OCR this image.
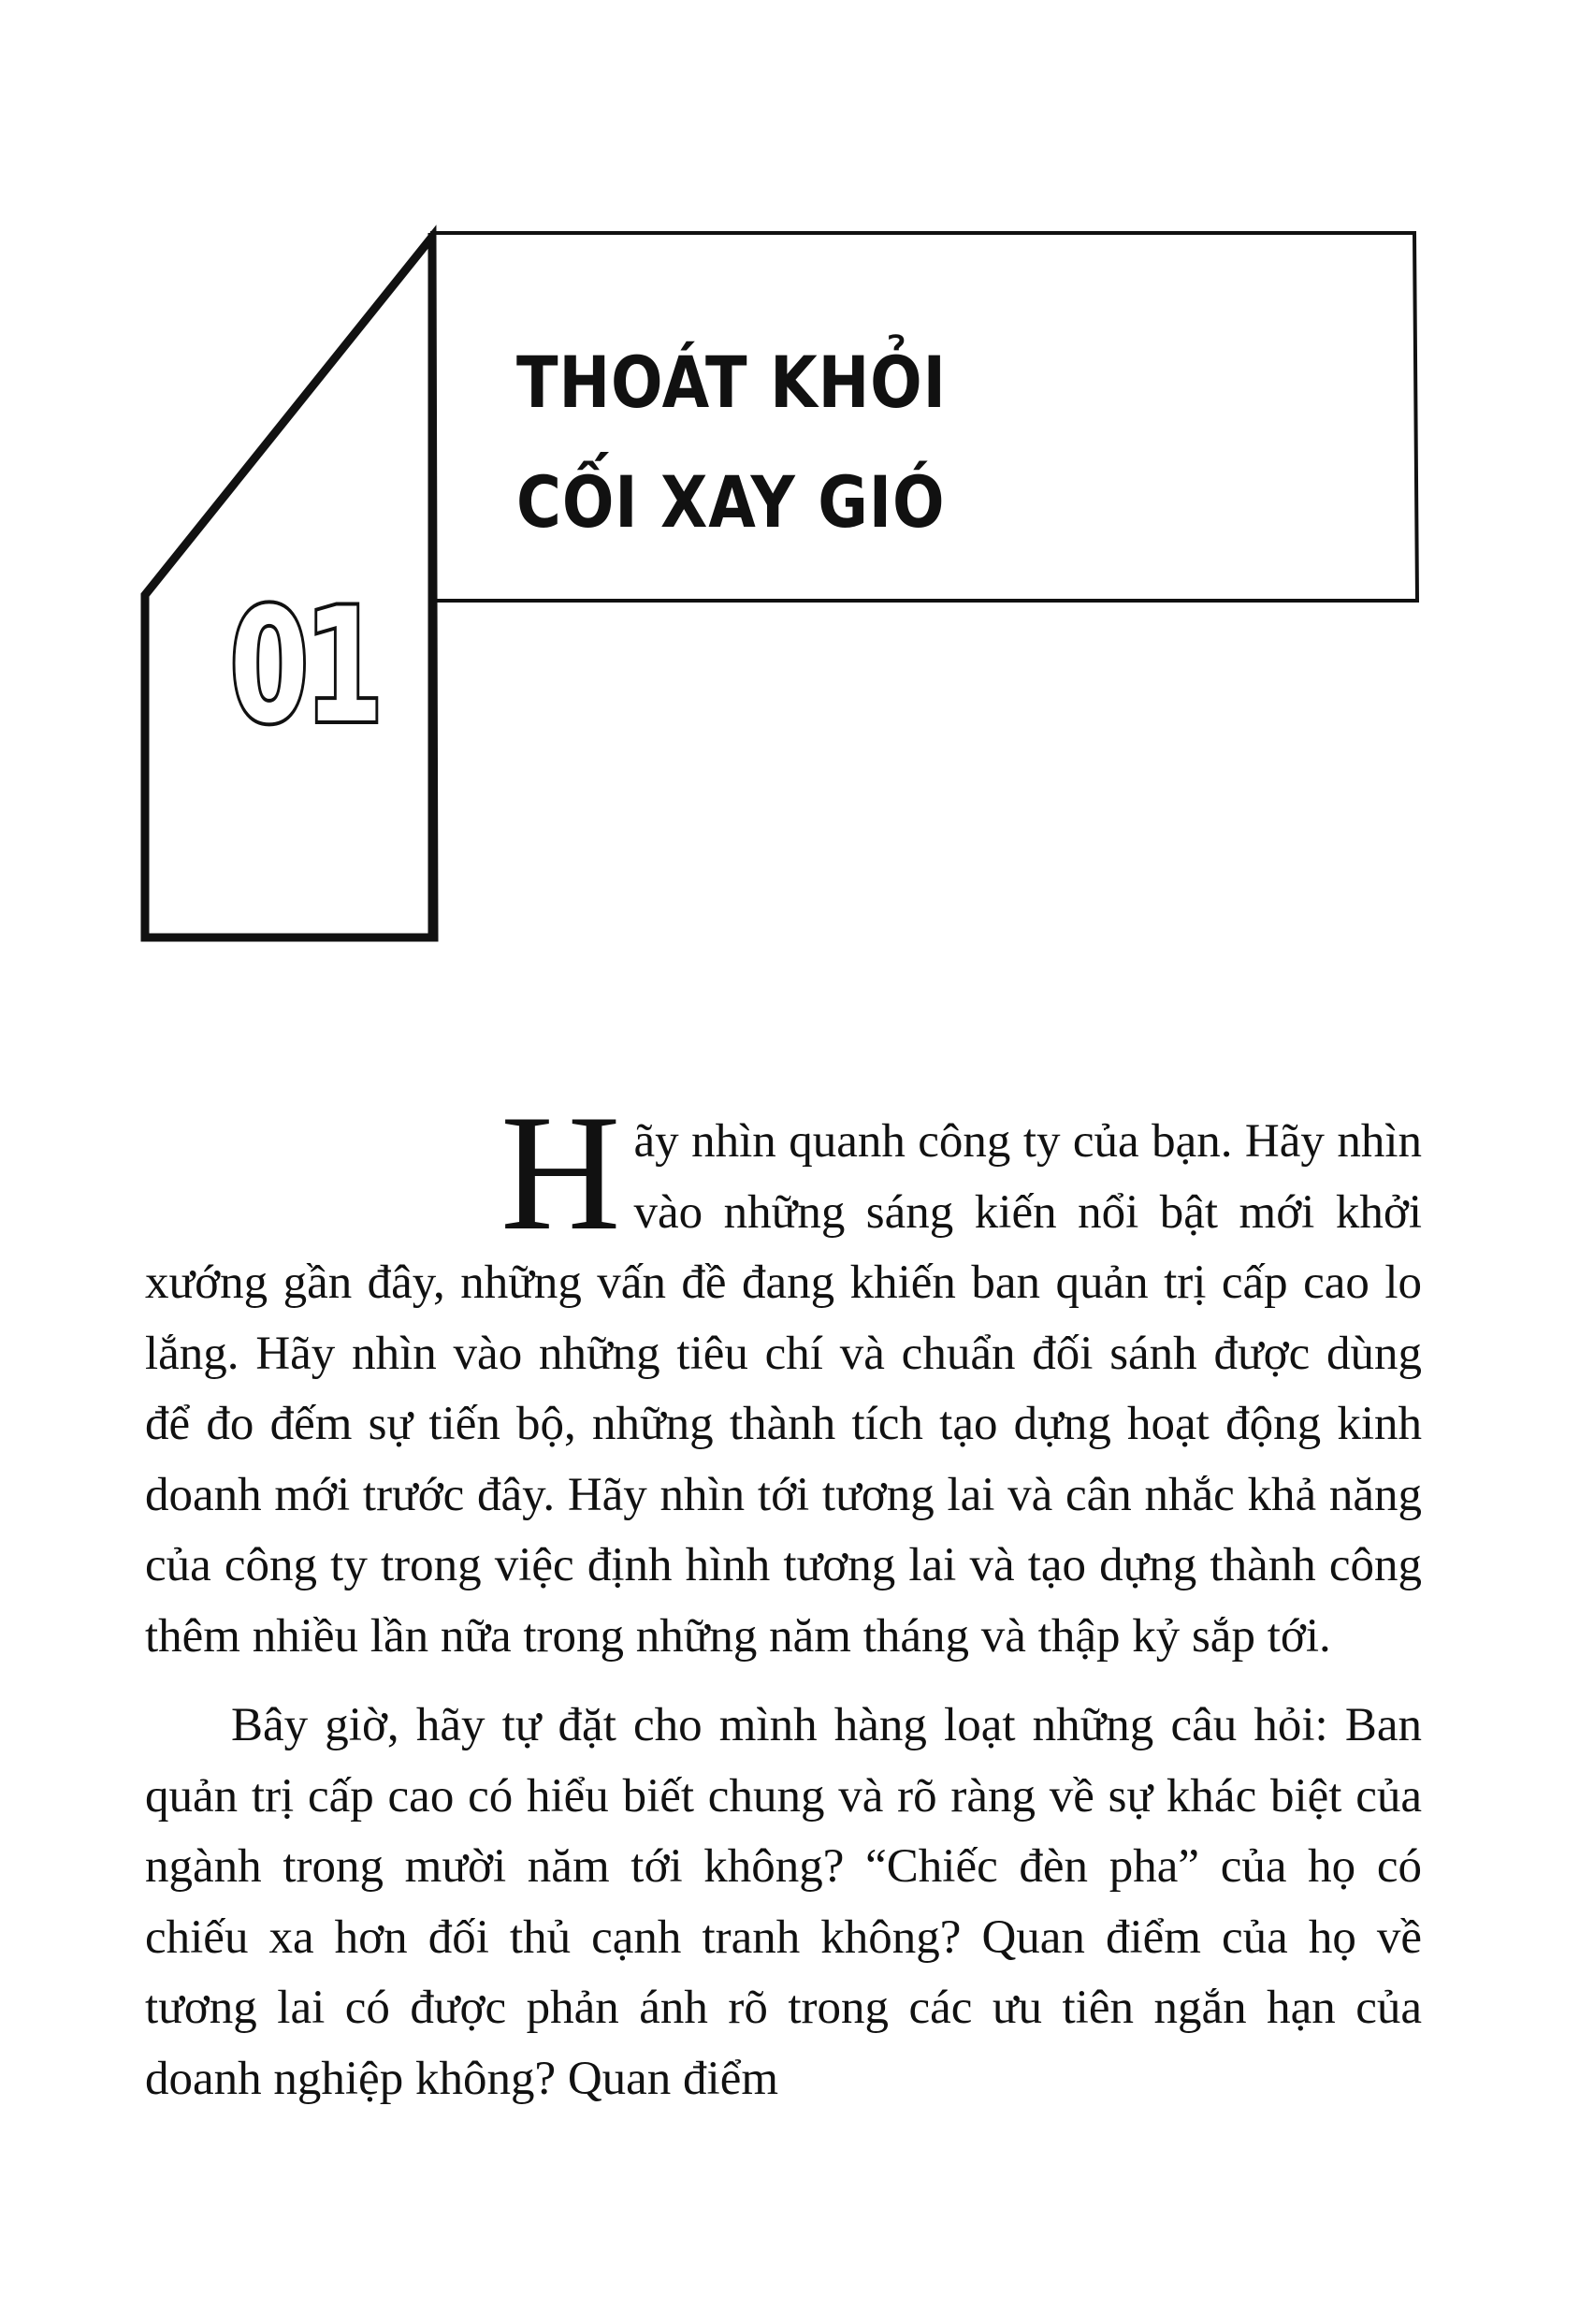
THOÁT KHỎI
CỐI XAY GIÓ
01

H ãy nhìn quanh công ty của bạn. Hãy nhìn vào những sáng kiến nổi bật mới khởi xướng gần đây, những vấn đề đang khiến ban quản trị cấp cao lo lắng. Hãy nhìn vào những tiêu chí và chuẩn đối sánh được dùng để đo đếm sự tiến bộ, những thành tích tạo dựng hoạt động kinh doanh mới trước đây. Hãy nhìn tới tương lai và cân nhắc khả năng của công ty trong việc định hình tương lai và tạo dựng thành công thêm nhiều lần nữa trong những năm tháng và thập kỷ sắp tới.

Bây giờ, hãy tự đặt cho mình hàng loạt những câu hỏi: Ban quản trị cấp cao có hiểu biết chung và rõ ràng về sự khác biệt của ngành trong mười năm tới không? “Chiếc đèn pha” của họ có chiếu xa hơn đối thủ cạnh tranh không? Quan điểm của họ về tương lai có được phản ánh rõ trong các ưu tiên ngắn hạn của doanh nghiệp không? Quan điểm
